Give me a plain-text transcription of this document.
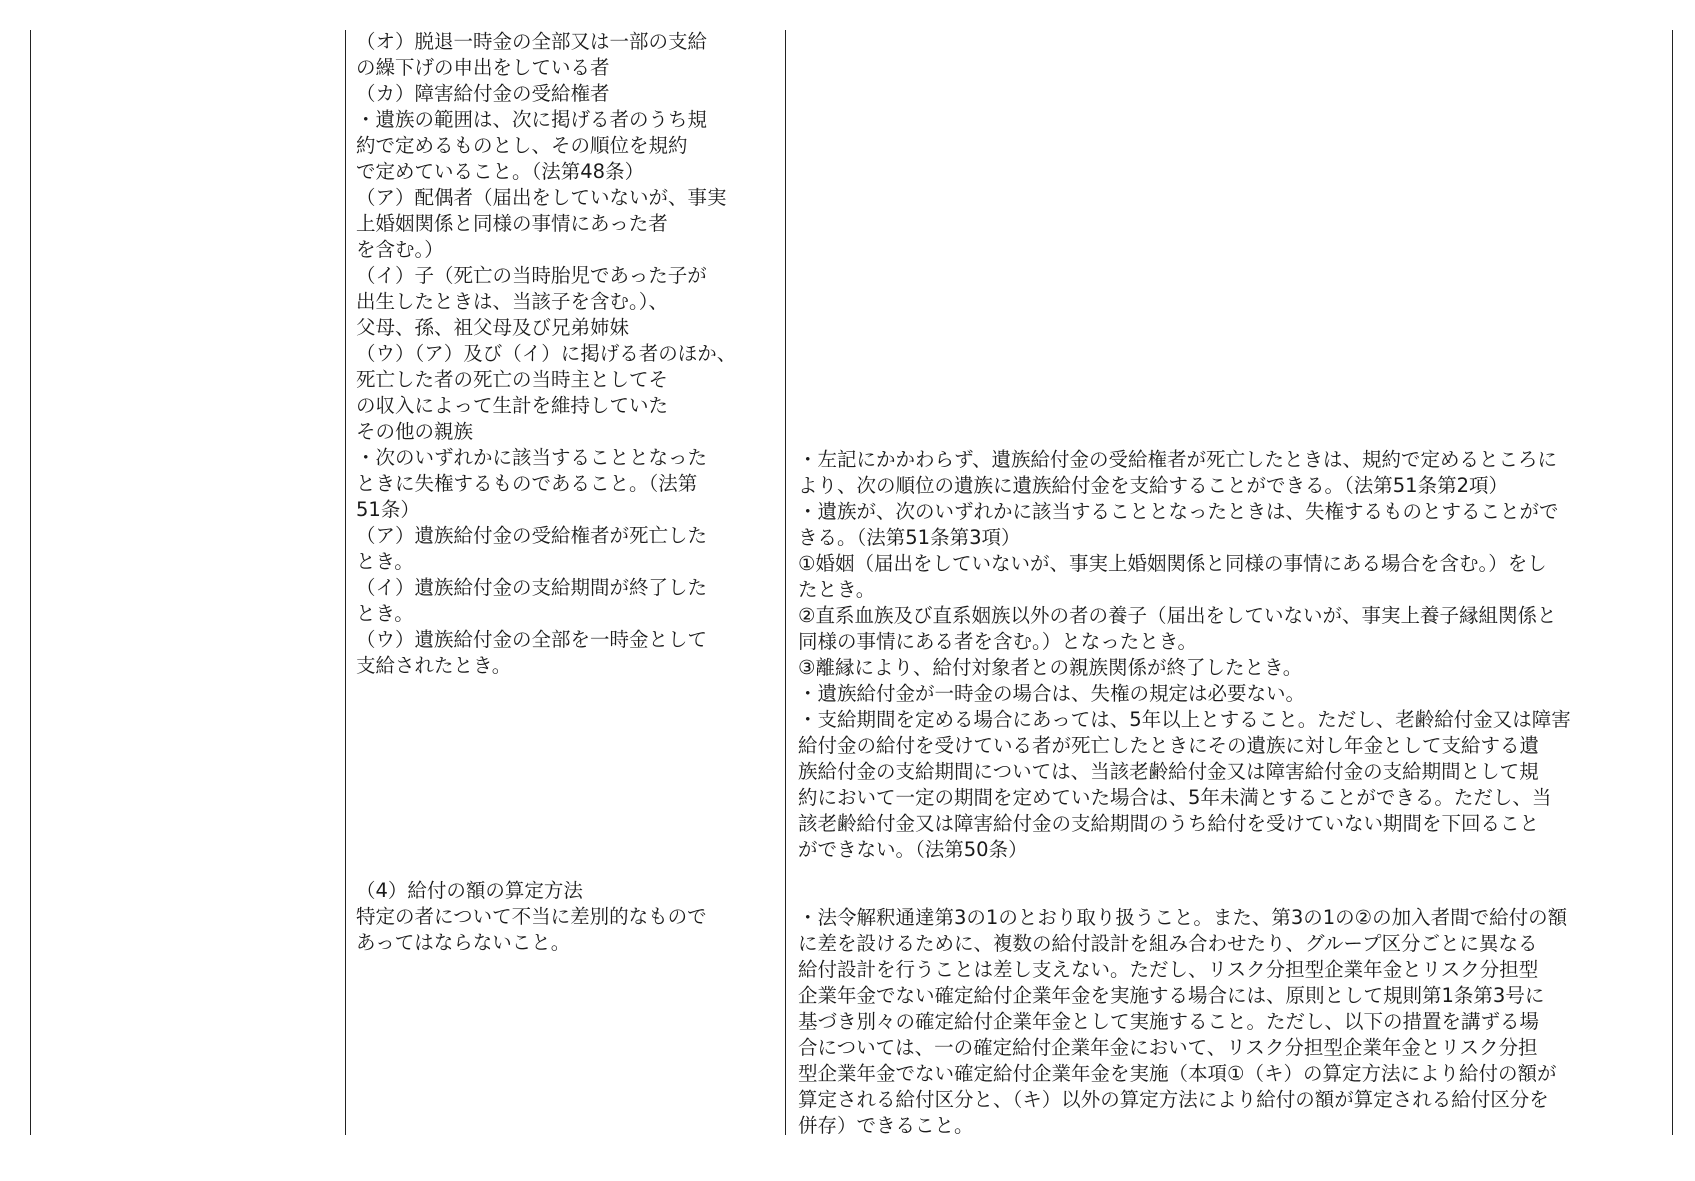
（オ）脱退一時金の全部又は一部の支給
の繰下げの申出をしている者
（カ）障害給付金の受給権者
・遺族の範囲は、次に掲げる者のうち規
約で定めるものとし、その順位を規約
で定めていること。（法第48条）
（ア）配偶者（届出をしていないが、事実
上婚姻関係と同様の事情にあった者
を含む。）
（イ）子（死亡の当時胎児であった子が
出生したときは、当該子を含む。）、
父母、孫、祖父母及び兄弟姉妹
（ウ）（ア）及び（イ）に掲げる者のほか、
死亡した者の死亡の当時主としてそ
の収入によって生計を維持していた
その他の親族
・次のいずれかに該当することとなった
ときに失権するものであること。（法第
51条）
（ア）遺族給付金の受給権者が死亡した
とき。
（イ）遺族給付金の支給期間が終了した
とき。
（ウ）遺族給付金の全部を一時金として
支給されたとき。
（4）給付の額の算定方法
特定の者について不当に差別的なもので
あってはならないこと。
・左記にかかわらず、遺族給付金の受給権者が死亡したときは、規約で定めるところに
より、次の順位の遺族に遺族給付金を支給することができる。（法第51条第2項）
・遺族が、次のいずれかに該当することとなったときは、失権するものとすることがで
きる。（法第51条第3項）
①婚姻（届出をしていないが、事実上婚姻関係と同様の事情にある場合を含む。）をし
たとき。
②直系血族及び直系姻族以外の者の養子（届出をしていないが、事実上養子縁組関係と
同様の事情にある者を含む。）となったとき。
③離縁により、給付対象者との親族関係が終了したとき。
・遺族給付金が一時金の場合は、失権の規定は必要ない。
・支給期間を定める場合にあっては、5年以上とすること。ただし、老齢給付金又は障害
給付金の給付を受けている者が死亡したときにその遺族に対し年金として支給する遺
族給付金の支給期間については、当該老齢給付金又は障害給付金の支給期間として規
約において一定の期間を定めていた場合は、5年未満とすることができる。ただし、当
該老齢給付金又は障害給付金の支給期間のうち給付を受けていない期間を下回ること
ができない。（法第50条）
・法令解釈通達第3の1のとおり取り扱うこと。また、第3の1の②の加入者間で給付の額
に差を設けるために、複数の給付設計を組み合わせたり、グループ区分ごとに異なる
給付設計を行うことは差し支えない。ただし、リスク分担型企業年金とリスク分担型
企業年金でない確定給付企業年金を実施する場合には、原則として規則第1条第3号に
基づき別々の確定給付企業年金として実施すること。ただし、以下の措置を講ずる場
合については、一の確定給付企業年金において、リスク分担型企業年金とリスク分担
型企業年金でない確定給付企業年金を実施（本項①（キ）の算定方法により給付の額が
算定される給付区分と、（キ）以外の算定方法により給付の額が算定される給付区分を
併存）できること。
